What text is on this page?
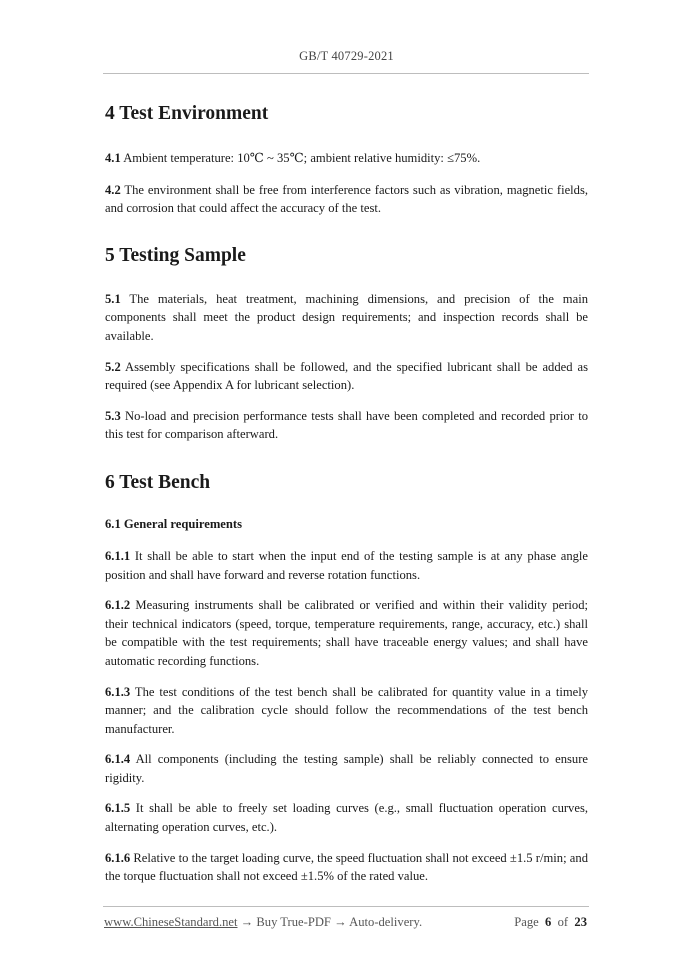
GB/T 40729-2021
4 Test Environment

4.1 Ambient temperature: 10℃ ~ 35℃; ambient relative humidity: ≤75%.

4.2 The environment shall be free from interference factors such as vibration, magnetic fields, and corrosion that could affect the accuracy of the test.

5 Testing Sample

5.1 The materials, heat treatment, machining dimensions, and precision of the main components shall meet the product design requirements; and inspection records shall be available.

5.2 Assembly specifications shall be followed, and the specified lubricant shall be added as required (see Appendix A for lubricant selection).

5.3 No-load and precision performance tests shall have been completed and recorded prior to this test for comparison afterward.

6 Test Bench

6.1 General requirements

6.1.1 It shall be able to start when the input end of the testing sample is at any phase angle position and shall have forward and reverse rotation functions.

6.1.2 Measuring instruments shall be calibrated or verified and within their validity period; their technical indicators (speed, torque, temperature requirements, range, accuracy, etc.) shall be compatible with the test requirements; shall have traceable energy values; and shall have automatic recording functions.

6.1.3 The test conditions of the test bench shall be calibrated for quantity value in a timely manner; and the calibration cycle should follow the recommendations of the test bench manufacturer.

6.1.4 All components (including the testing sample) shall be reliably connected to ensure rigidity.

6.1.5 It shall be able to freely set loading curves (e.g., small fluctuation operation curves, alternating operation curves, etc.).

6.1.6 Relative to the target loading curve, the speed fluctuation shall not exceed ±1.5 r/min; and the torque fluctuation shall not exceed ±1.5% of the rated value.

www.ChineseStandard.net → Buy True-PDF → Auto-delivery.	Page 6 of 23
